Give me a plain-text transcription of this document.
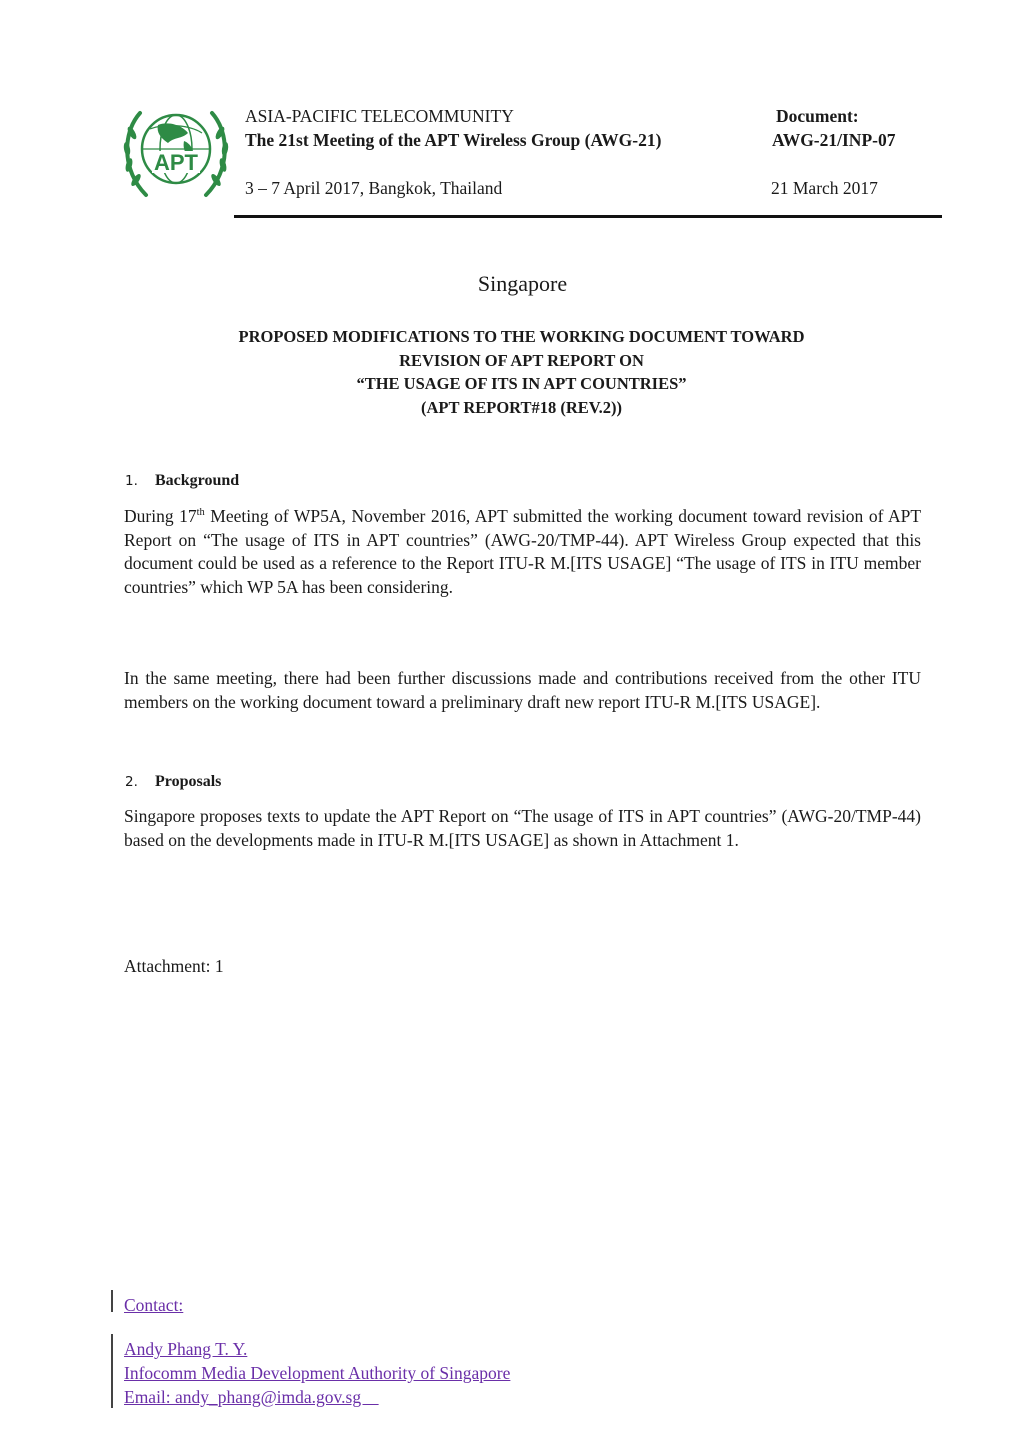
APT
ASIA-PACIFIC TELECOMMUNITY
The 21st Meeting of the APT Wireless Group (AWG-21)
Document:
AWG-21/INP-07
3 – 7 April 2017, Bangkok, Thailand	21 March 2017
Singapore
PROPOSED MODIFICATIONS TO THE WORKING DOCUMENT TOWARD
REVISION OF APT REPORT ON
“THE USAGE OF ITS IN APT COUNTRIES”
(APT REPORT#18 (REV.2))
1. Background
During 17th Meeting of WP5A, November 2016, APT submitted the working document toward revision of APT Report on “The usage of ITS in APT countries” (AWG-20/TMP-44). APT Wireless Group expected that this document could be used as a reference to the Report ITU-R M.[ITS USAGE] “The usage of ITS in ITU member countries” which WP 5A has been considering.
In the same meeting, there had been further discussions made and contributions received from the other ITU members on the working document toward a preliminary draft new report ITU-R M.[ITS USAGE].
2. Proposals
Singapore proposes texts to update the APT Report on “The usage of ITS in APT countries” (AWG-20/TMP-44) based on the developments made in ITU-R M.[ITS USAGE] as shown in Attachment 1.
Attachment: 1
Contact:
Andy Phang T. Y.
Infocomm Media Development Authority of Singapore
Email: andy_phang@imda.gov.sg
